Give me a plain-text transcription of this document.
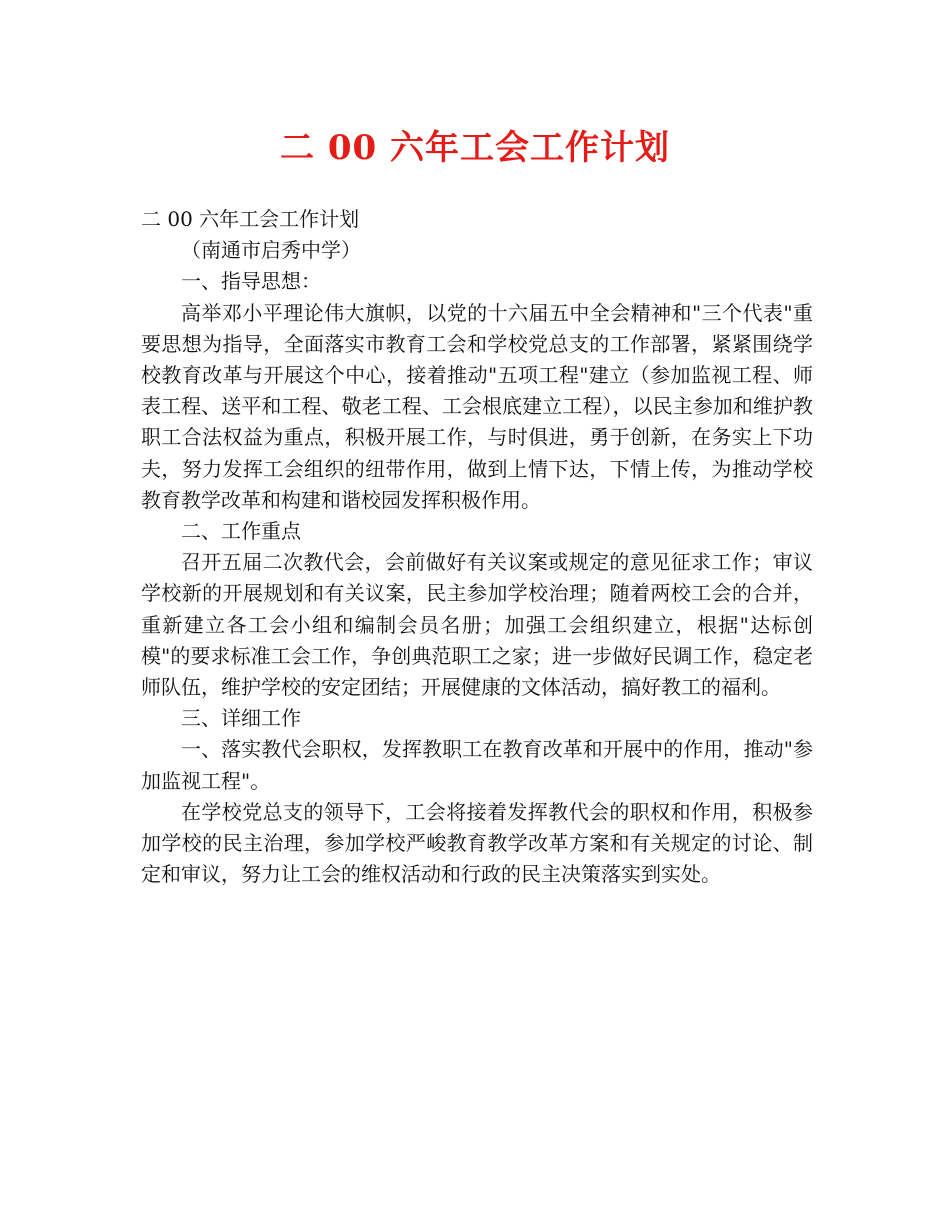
二 00 六年工会工作计划

二 00 六年工会工作计划

（南通市启秀中学）

一、指导思想：

高举邓小平理论伟大旗帜，以党的十六届五中全会精神和"三个代表"重要思想为指导，全面落实市教育工会和学校党总支的工作部署，紧紧围绕学校教育改革与开展这个中心，接着推动"五项工程"建立（参加监视工程、师表工程、送平和工程、敬老工程、工会根底建立工程），以民主参加和维护教职工合法权益为重点，积极开展工作，与时俱进，勇于创新，在务实上下功夫，努力发挥工会组织的纽带作用，做到上情下达，下情上传，为推动学校教育教学改革和构建和谐校园发挥积极作用。

二、工作重点

召开五届二次教代会，会前做好有关议案或规定的意见征求工作；审议学校新的开展规划和有关议案，民主参加学校治理；随着两校工会的合并，重新建立各工会小组和编制会员名册；加强工会组织建立，根据"达标创模"的要求标准工会工作，争创典范职工之家；进一步做好民调工作，稳定老师队伍，维护学校的安定团结；开展健康的文体活动，搞好教工的福利。

三、详细工作

一、落实教代会职权，发挥教职工在教育改革和开展中的作用，推动"参加监视工程"。

在学校党总支的领导下，工会将接着发挥教代会的职权和作用，积极参加学校的民主治理，参加学校严峻教育教学改革方案和有关规定的讨论、制定和审议，努力让工会的维权活动和行政的民主决策落实到实处。
